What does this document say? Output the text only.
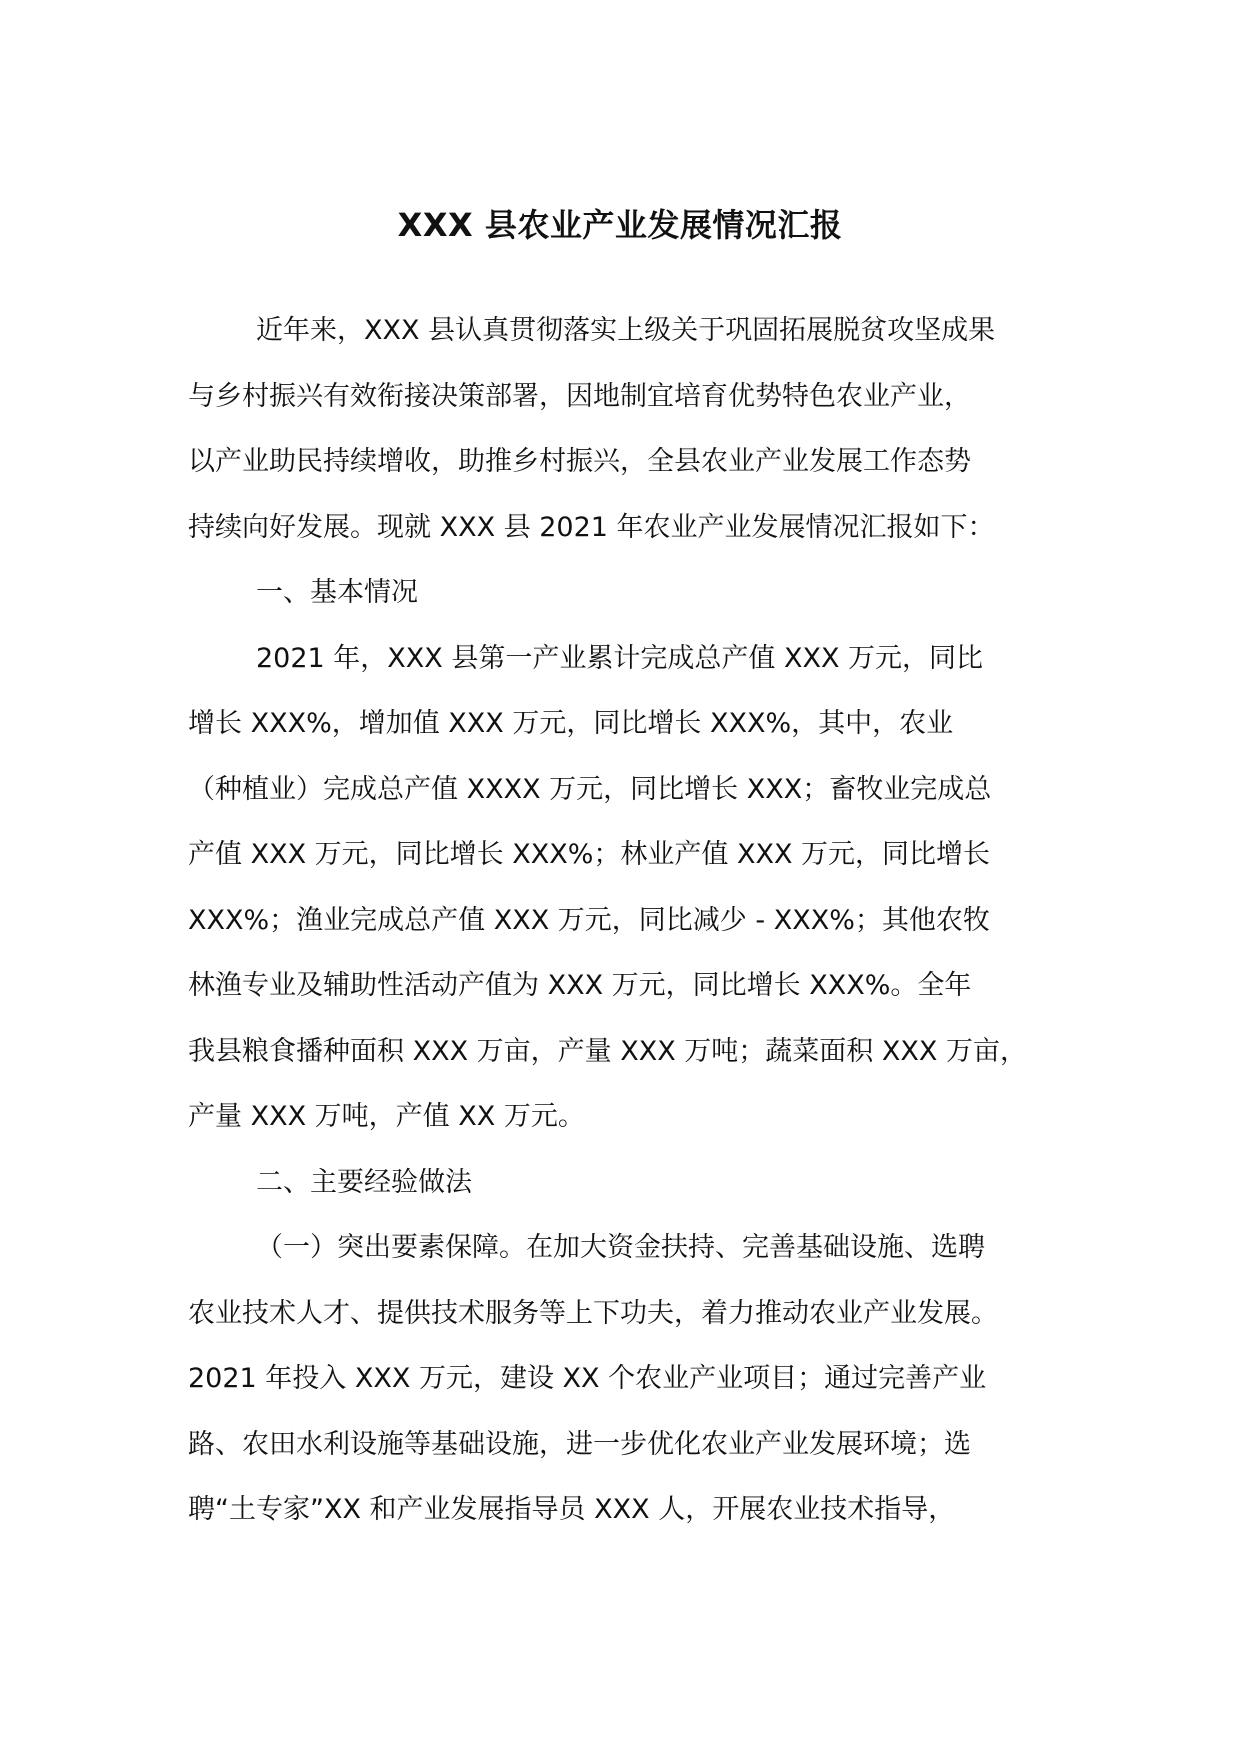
XXX 县农业产业发展情况汇报
近年来，XXX 县认真贯彻落实上级关于巩固拓展脱贫攻坚成果
与乡村振兴有效衔接决策部署，因地制宜培育优势特色农业产业，
以产业助民持续增收，助推乡村振兴，全县农业产业发展工作态势
持续向好发展。现就 XXX 县 2021 年农业产业发展情况汇报如下：
一、基本情况
2021 年，XXX 县第一产业累计完成总产值 XXX 万元，同比
增长 XXX%，增加值 XXX 万元，同比增长 XXX%，其中，农业
（种植业）完成总产值 XXXX 万元，同比增长 XXX；畜牧业完成总
产值 XXX 万元，同比增长 XXX%；林业产值 XXX 万元，同比增长
XXX%；渔业完成总产值 XXX 万元，同比减少 - XXX%；其他农牧
林渔专业及辅助性活动产值为 XXX 万元，同比增长 XXX%。全年
我县粮食播种面积 XXX 万亩，产量 XXX 万吨；蔬菜面积 XXX 万亩，
产量 XXX 万吨，产值 XX 万元。
二、主要经验做法
（一）突出要素保障。在加大资金扶持、完善基础设施、选聘
农业技术人才、提供技术服务等上下功夫，着力推动农业产业发展。
2021 年投入 XXX 万元，建设 XX 个农业产业项目；通过完善产业
路、农田水利设施等基础设施，进一步优化农业产业发展环境；选
聘“土专家”XX 和产业发展指导员 XXX 人，开展农业技术指导，
